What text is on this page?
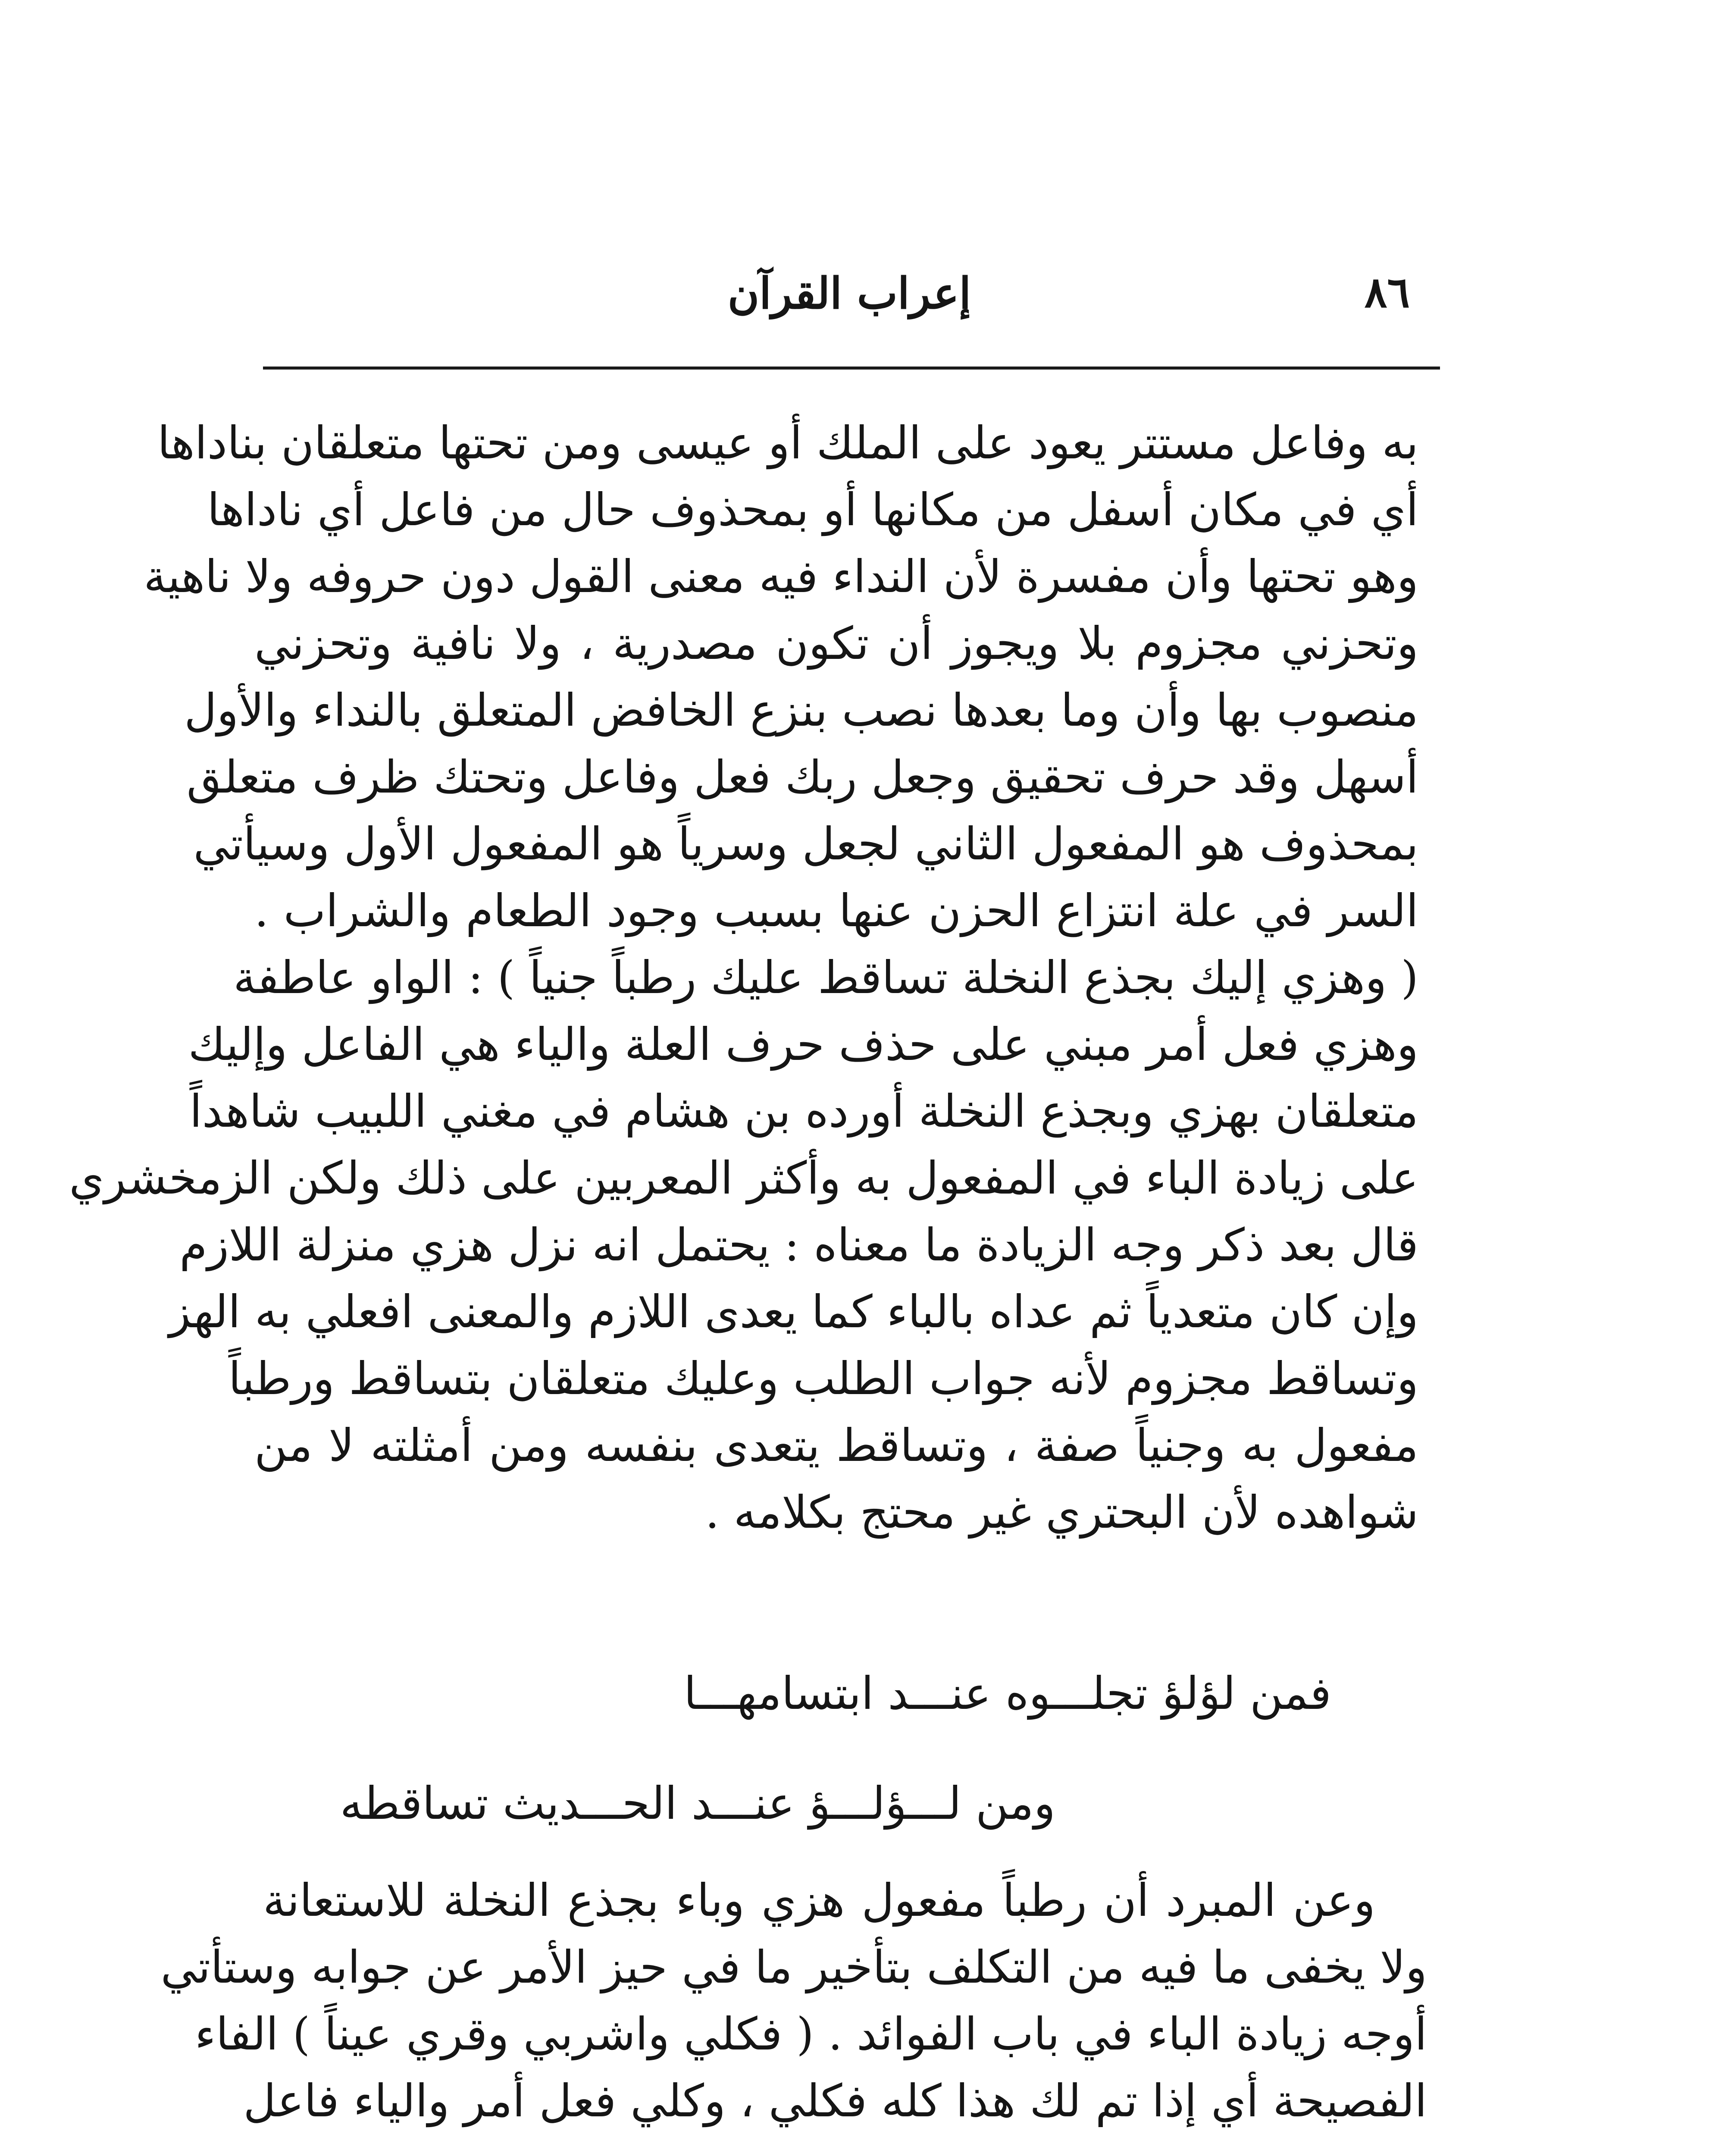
٨٦
إعراب القرآن
به وفاعل مستتر يعود على الملك أو عيسى ومن تحتها متعلقان بناداها
أي في مكان أسفل من مكانها أو بمحذوف حال من فاعل أي ناداها
وهو تحتها وأن مفسرة لأن النداء فيه معنى القول دون حروفه ولا ناهية
وتحزني مجزوم بلا ويجوز أن تكون مصدرية ، ولا نافية وتحزني
منصوب بها وأن وما بعدها نصب بنزع الخافض المتعلق بالنداء والأول
أسهل وقد حرف تحقيق وجعل ربك فعل وفاعل وتحتك ظرف متعلق
بمحذوف هو المفعول الثاني لجعل وسرياً هو المفعول الأول وسيأتي
السر في علة انتزاع الحزن عنها بسبب وجود الطعام والشراب .
( وهزي إليك بجذع النخلة تساقط عليك رطباً جنياً ) : الواو عاطفة
وهزي فعل أمر مبني على حذف حرف العلة والياء هي الفاعل وإليك
متعلقان بهزي وبجذع النخلة أورده بن هشام في مغني اللبيب شاهداً
على زيادة الباء في المفعول به وأكثر المعربين على ذلك ولكن الزمخشري
قال بعد ذكر وجه الزيادة ما معناه : يحتمل انه نزل هزي منزلة اللازم
وإن كان متعدياً ثم عداه بالباء كما يعدى اللازم والمعنى افعلي به الهز
وتساقط مجزوم لأنه جواب الطلب وعليك متعلقان بتساقط ورطباً
مفعول به وجنياً صفة ، وتساقط يتعدى بنفسه ومن أمثلته لا من
شواهده لأن البحتري غير محتج بكلامه .
فمن لؤلؤ تجلـــوه عنـــد ابتسامهـــا
ومن لـــؤلـــؤ عنـــد الحـــديث تساقطه
وعن المبرد أن رطباً مفعول هزي وباء بجذع النخلة للاستعانة
ولا يخفى ما فيه من التكلف بتأخير ما في حيز الأمر عن جوابه وستأتي
أوجه زيادة الباء في باب الفوائد . ( فكلي واشربي وقري عيناً ) الفاء
الفصيحة أي إذا تم لك هذا كله فكلي ، وكلي فعل أمر والياء فاعل
